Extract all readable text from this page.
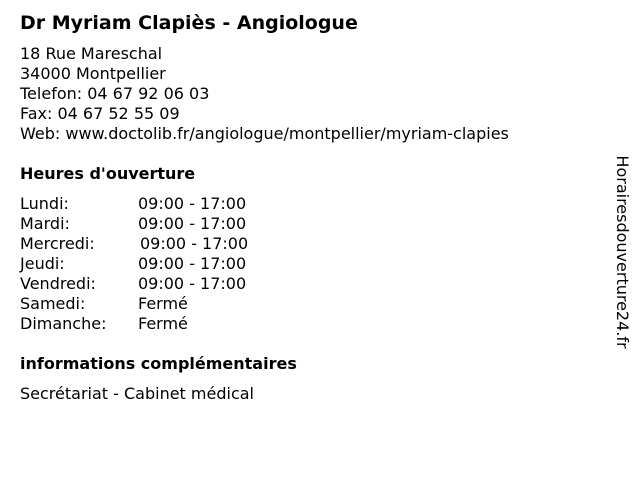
Dr Myriam Clapiès - Angiologue
18 Rue Mareschal
34000 Montpellier
Telefon: 04 67 92 06 03
Fax: 04 67 52 55 09
Web: www.doctolib.fr/angiologue/montpellier/myriam-clapies
Heures d'ouverture
Lundi:	09:00 - 17:00
Mardi:	09:00 - 17:00
Mercredi:	09:00 - 17:00
Jeudi:	09:00 - 17:00
Vendredi:	09:00 - 17:00
Samedi:	Fermé
Dimanche: Fermé
informations complémentaires
Secrétariat - Cabinet médical
Horairesdouverture24.fr
